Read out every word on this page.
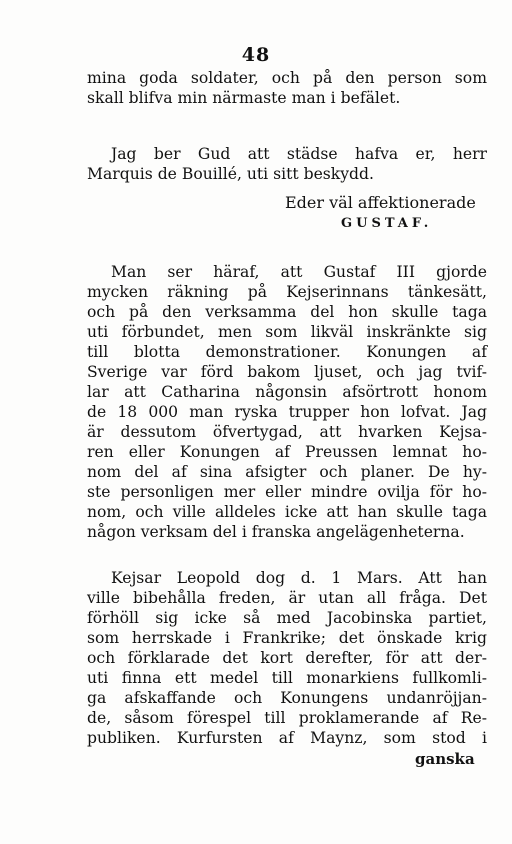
48
mina goda soldater, och på den person som
skall blifva min närmaste man i befälet.
Jag ber Gud att städse hafva er, herr
Marquis de Bouillé, uti sitt beskydd.
Eder väl affektionerade
GUSTAF.
Man ser häraf, att Gustaf III gjorde
mycken räkning på Kejserinnans tänkesätt,
och på den verksamma del hon skulle taga
uti förbundet, men som likväl inskränkte sig
till blotta demonstrationer. Konungen af
Sverige var förd bakom ljuset, och jag tvif-
lar att Catharina någonsin afsörtrott honom
de 18 000 man ryska trupper hon lofvat. Jag
är dessutom öfvertygad, att hvarken Kejsa-
ren eller Konungen af Preussen lemnat ho-
nom del af sina afsigter och planer. De hy-
ste personligen mer eller mindre ovilja för ho-
nom, och ville alldeles icke att han skulle taga
någon verksam del i franska angelägenheterna.
Kejsar Leopold dog d. 1 Mars. Att han
ville bibehålla freden, är utan all fråga. Det
förhöll sig icke så med Jacobinska partiet,
som herrskade i Frankrike; det önskade krig
och förklarade det kort derefter, för att der-
uti finna ett medel till monarkiens fullkomli-
ga afskaffande och Konungens undanröjjan-
de, såsom förespel till proklamerande af Re-
publiken. Kurfursten af Maynz, som stod i
ganska
